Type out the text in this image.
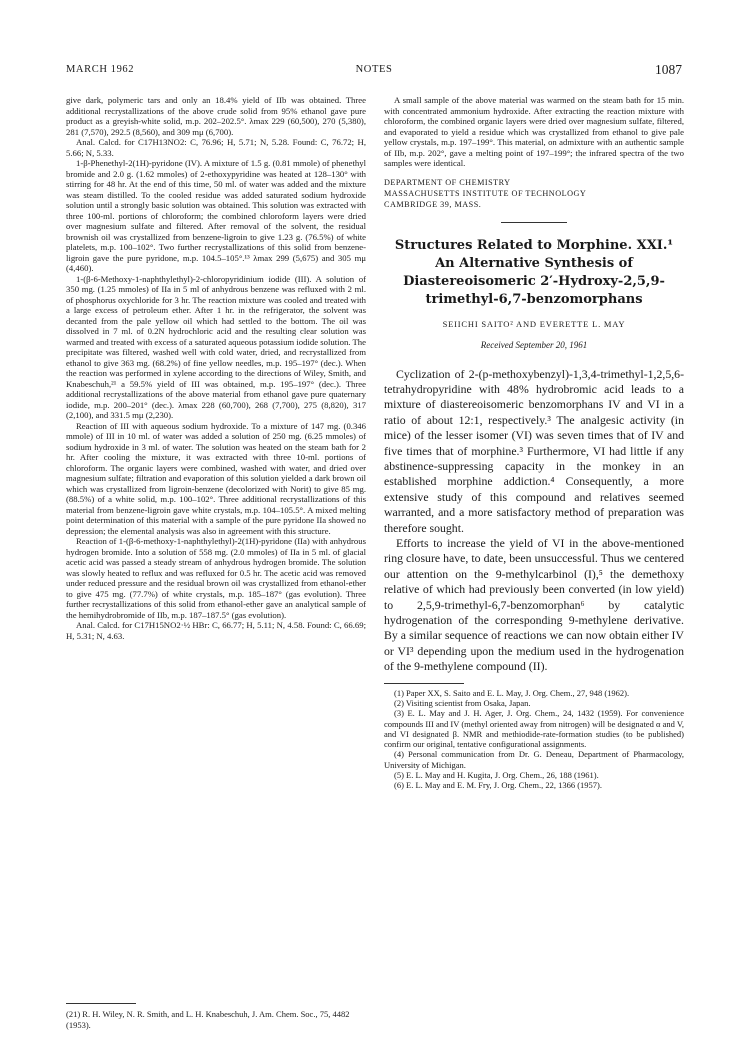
MARCH 1962	NOTES	1087

give dark, polymeric tars and only an 18.4% yield of IIb was obtained. Three additional recrystallizations of the above crude solid from 95% ethanol gave pure product as a greyish-white solid, m.p. 202–202.5°. λmax 229 (60,500), 270 (5,380), 281 (7,570), 292.5 (8,560), and 309 mμ (6,700).

Anal. Calcd. for C17H13NO2: C, 76.96; H, 5.71; N, 5.28. Found: C, 76.72; H, 5.66; N, 5.33.

1-β-Phenethyl-2(1H)-pyridone (IV). A mixture of 1.5 g. (0.81 mmole) of phenethyl bromide and 2.0 g. (1.62 mmoles) of 2-ethoxypyridine was heated at 128–130° with stirring for 48 hr. At the end of this time, 50 ml. of water was added and the mixture was steam distilled. To the cooled residue was added saturated sodium hydroxide solution until a strongly basic solution was obtained. This solution was extracted with three 100-ml. portions of chloroform; the combined chloroform layers were dried over magnesium sulfate and filtered. After removal of the solvent, the residual brownish oil was crystallized from benzene-ligroin to give 1.23 g. (76.5%) of white platelets, m.p. 100–102°. Two further recrystallizations of this solid from benzene-ligroin gave the pure pyridone, m.p. 104.5–105°.¹³ λmax 299 (5,675) and 305 mμ (4,460).

1-(β-6-Methoxy-1-naphthylethyl)-2-chloropyridinium iodide (III). A solution of 350 mg. (1.25 mmoles) of IIa in 5 ml of anhydrous benzene was refluxed with 2 ml. of phosphorus oxychloride for 3 hr. The reaction mixture was cooled and treated with a large excess of petroleum ether. After 1 hr. in the refrigerator, the solvent was decanted from the pale yellow oil which had settled to the bottom. The oil was dissolved in 7 ml. of 0.2N hydrochloric acid and the resulting clear solution was warmed and treated with excess of a saturated aqueous potassium iodide solution. The precipitate was filtered, washed well with cold water, dried, and recrystallized from ethanol to give 363 mg. (68.2%) of fine yellow needles, m.p. 195–197° (dec.). When the reaction was performed in xylene according to the directions of Wiley, Smith, and Knabeschuh,²¹ a 59.5% yield of III was obtained, m.p. 195–197° (dec.). Three additional recrystallizations of the above material from ethanol gave pure quaternary iodide, m.p. 200–201° (dec.). λmax 228 (60,700), 268 (7,700), 275 (8,820), 317 (2,100), and 331.5 mμ (2,230).

Reaction of III with aqueous sodium hydroxide. To a mixture of 147 mg. (0.346 mmole) of III in 10 ml. of water was added a solution of 250 mg. (6.25 mmoles) of sodium hydroxide in 3 ml. of water. The solution was heated on the steam bath for 2 hr. After cooling the mixture, it was extracted with three 10-ml. portions of chloroform. The organic layers were combined, washed with water, and dried over magnesium sulfate; filtration and evaporation of this solution yielded a dark brown oil which was crystallized from ligroin-benzene (decolorized with Norit) to give 85 mg. (88.5%) of a white solid, m.p. 100–102°. Three additional recrystallizations of this material from benzene-ligroin gave white crystals, m.p. 104–105.5°. A mixed melting point determination of this material with a sample of the pure pyridone IIa showed no depression; the elemental analysis was also in agreement with this structure.

Reaction of 1-(β-6-methoxy-1-naphthylethyl)-2(1H)-pyridone (IIa) with anhydrous hydrogen bromide. Into a solution of 558 mg. (2.0 mmoles) of IIa in 5 ml. of glacial acetic acid was passed a steady stream of anhydrous hydrogen bromide. The solution was slowly heated to reflux and was refluxed for 0.5 hr. The acetic acid was removed under reduced pressure and the residual brown oil was crystallized from ethanol-ether to give 475 mg. (77.7%) of white crystals, m.p. 185–187° (gas evolution). Three further recrystallizations of this solid from ethanol-ether gave an analytical sample of the hemihydrobromide of IIb, m.p. 187–187.5° (gas evolution).

Anal. Calcd. for C17H15NO2·½ HBr: C, 66.77; H, 5.11; N, 4.58. Found: C, 66.69; H, 5.31; N, 4.63.

(21) R. H. Wiley, N. R. Smith, and L. H. Knabeschuh, J. Am. Chem. Soc., 75, 4482 (1953).

A small sample of the above material was warmed on the steam bath for 15 min. with concentrated ammonium hydroxide. After extracting the reaction mixture with chloroform, the combined organic layers were dried over magnesium sulfate, filtered, and evaporated to yield a residue which was crystallized from ethanol to give pale yellow crystals, m.p. 197–199°. This material, on admixture with an authentic sample of IIb, m.p. 202°, gave a melting point of 197–199°; the infrared spectra of the two samples were identical.

DEPARTMENT OF CHEMISTRY
MASSACHUSETTS INSTITUTE OF TECHNOLOGY
CAMBRIDGE 39, MASS.
Structures Related to Morphine. XXI.¹ An Alternative Synthesis of Diastereoisomeric 2′-Hydroxy-2,5,9-trimethyl-6,7-benzomorphans
SEIICHI SAITO² AND EVERETTE L. MAY
Received September 20, 1961

Cyclization of 2-(p-methoxybenzyl)-1,3,4-trimethyl-1,2,5,6-tetrahydropyridine with 48% hydrobromic acid leads to a mixture of diastereoisomeric benzomorphans IV and VI in a ratio of about 12:1, respectively.³ The analgesic activity (in mice) of the lesser isomer (VI) was seven times that of IV and five times that of morphine.³ Furthermore, VI had little if any abstinence-suppressing capacity in the monkey in an established morphine addiction.⁴ Consequently, a more extensive study of this compound and relatives seemed warranted, and a more satisfactory method of preparation was therefore sought.

Efforts to increase the yield of VI in the above-mentioned ring closure have, to date, been unsuccessful. Thus we centered our attention on the 9-methylcarbinol (I),⁵ the demethoxy relative of which had previously been converted (in low yield) to 2,5,9-trimethyl-6,7-benzomorphan⁶ by catalytic hydrogenation of the corresponding 9-methylene derivative. By a similar sequence of reactions we can now obtain either IV or VI³ depending upon the medium used in the hydrogenation of the 9-methylene compound (II).

(1) Paper XX, S. Saito and E. L. May, J. Org. Chem., 27, 948 (1962).
(2) Visiting scientist from Osaka, Japan.
(3) E. L. May and J. H. Ager, J. Org. Chem., 24, 1432 (1959). For convenience compounds III and IV (methyl oriented away from nitrogen) will be designated α and V, and VI designated β. NMR and methiodide-rate-formation studies (to be published) confirm our original, tentative configurational assignments.
(4) Personal communication from Dr. G. Deneau, Department of Pharmacology, University of Michigan.
(5) E. L. May and H. Kugita, J. Org. Chem., 26, 188 (1961).
(6) E. L. May and E. M. Fry, J. Org. Chem., 22, 1366 (1957).
